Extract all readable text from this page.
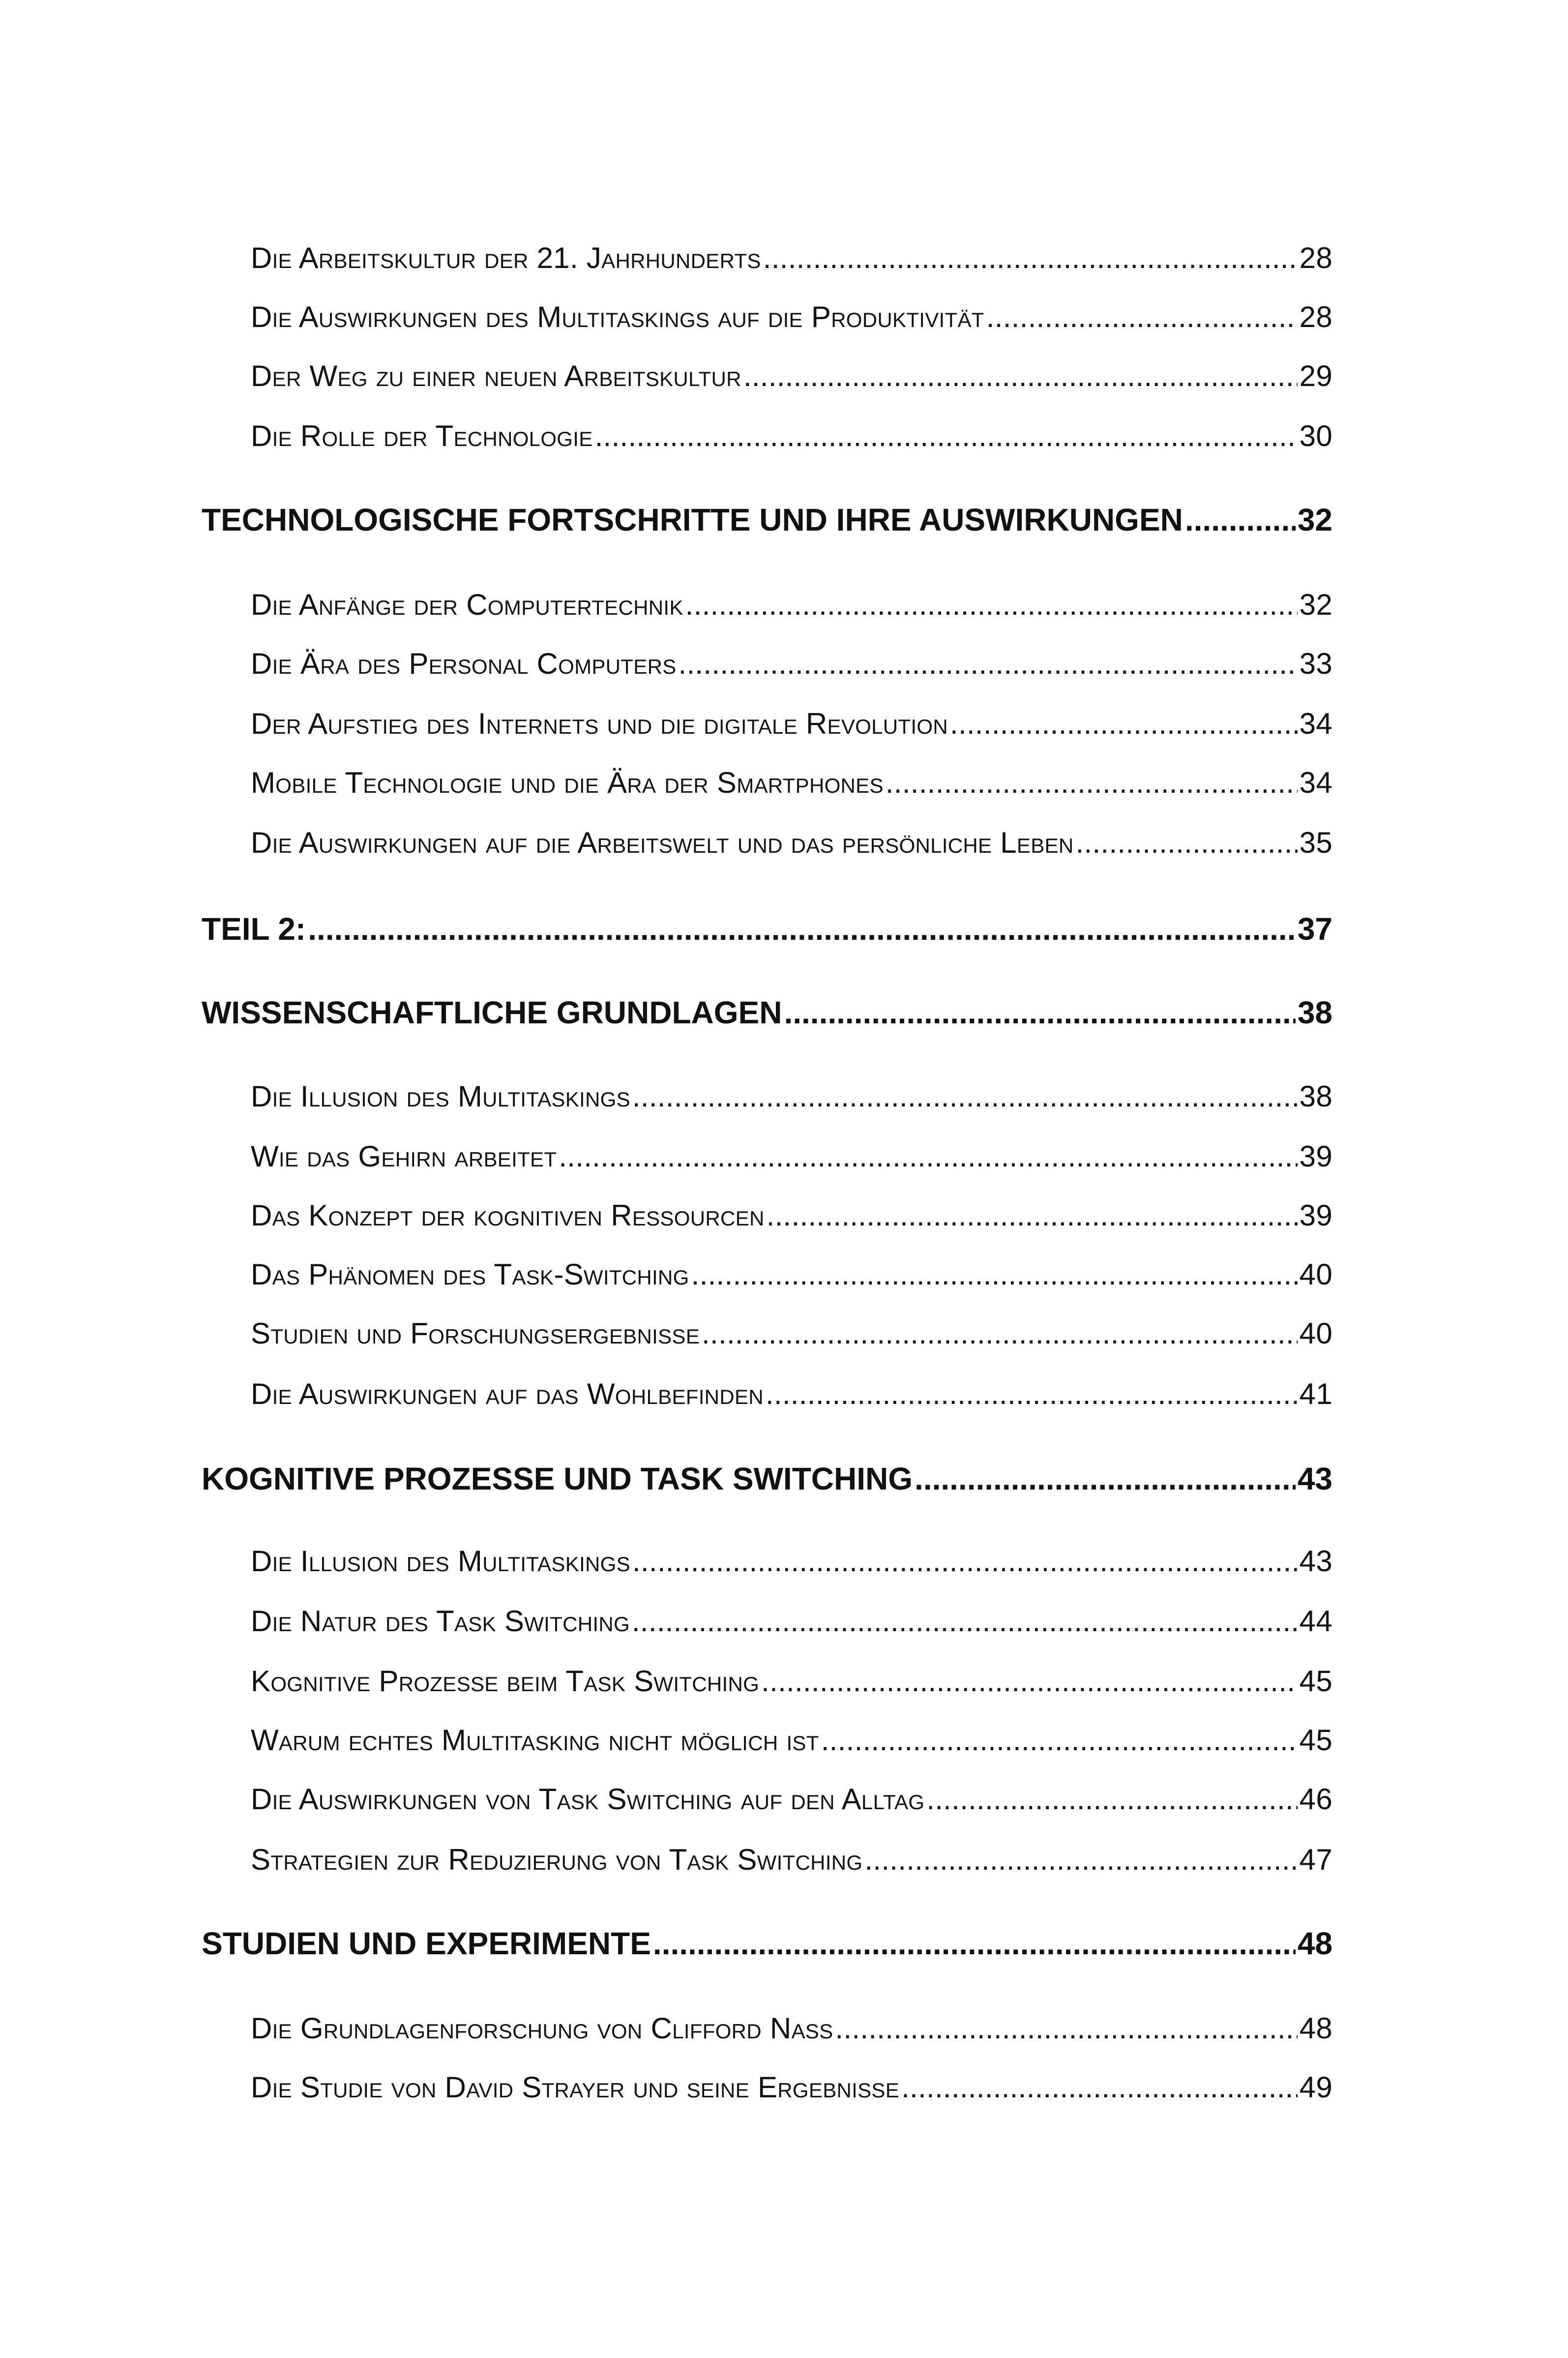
Die Arbeitskultur der 21. Jahrhunderts .....	28
Die Auswirkungen des Multitaskings auf die Produktivität .....	28
Der Weg zu einer neuen Arbeitskultur .....	29
Die Rolle der Technologie .....	30
TECHNOLOGISCHE FORTSCHRITTE UND IHRE AUSWIRKUNGEN .....	32
Die Anfänge der Computertechnik .....	32
Die Ära des Personal Computers .....	33
Der Aufstieg des Internets und die digitale Revolution .....	34
Mobile Technologie und die Ära der Smartphones .....	34
Die Auswirkungen auf die Arbeitswelt und das persönliche Leben .....	35
TEIL 2: .....	37
WISSENSCHAFTLICHE GRUNDLAGEN .....	38
Die Illusion des Multitaskings .....	38
Wie das Gehirn arbeitet .....	39
Das Konzept der kognitiven Ressourcen .....	39
Das Phänomen des Task-Switching .....	40
Studien und Forschungsergebnisse .....	40
Die Auswirkungen auf das Wohlbefinden .....	41
KOGNITIVE PROZESSE UND TASK SWITCHING .....	43
Die Illusion des Multitaskings .....	43
Die Natur des Task Switching .....	44
Kognitive Prozesse beim Task Switching .....	45
Warum echtes Multitasking nicht möglich ist .....	45
Die Auswirkungen von Task Switching auf den Alltag .....	46
Strategien zur Reduzierung von Task Switching .....	47
STUDIEN UND EXPERIMENTE .....	48
Die Grundlagenforschung von Clifford Nass .....	48
Die Studie von David Strayer und seine Ergebnisse .....	49
